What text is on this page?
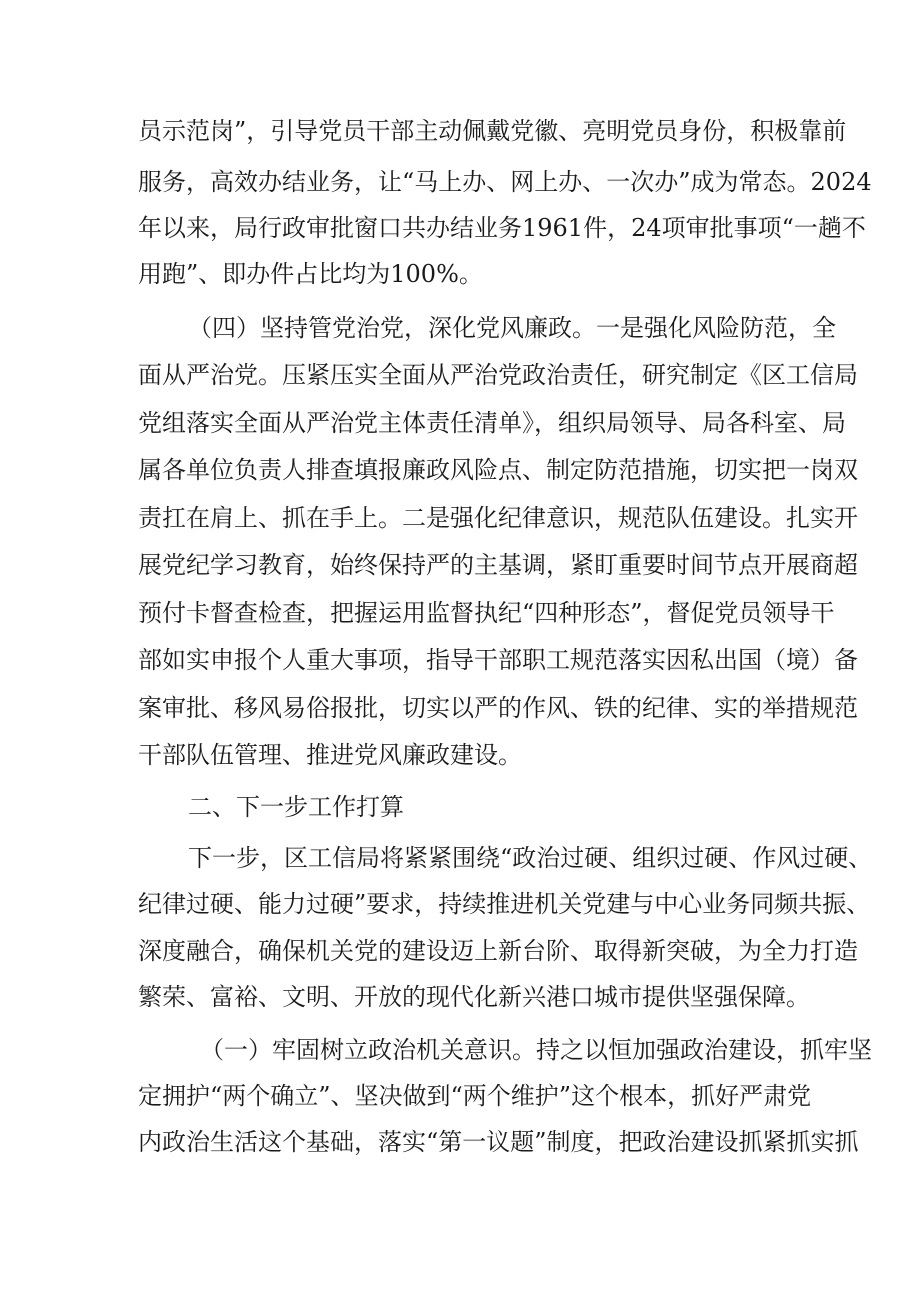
员示范岗”，引导党员干部主动佩戴党徽、亮明党员身份，积极靠前
服务，高效办结业务，让“马上办、网上办、一次办”成为常态。2024
年以来，局行政审批窗口共办结业务1961件，24项审批事项“一趟不
用跑”、即办件占比均为100%。
（四）坚持管党治党，深化党风廉政。一是强化风险防范，全
面从严治党。压紧压实全面从严治党政治责任，研究制定《区工信局
党组落实全面从严治党主体责任清单》，组织局领导、局各科室、局
属各单位负责人排查填报廉政风险点、制定防范措施，切实把一岗双
责扛在肩上、抓在手上。二是强化纪律意识，规范队伍建设。扎实开
展党纪学习教育，始终保持严的主基调，紧盯重要时间节点开展商超
预付卡督查检查，把握运用监督执纪“四种形态”，督促党员领导干
部如实申报个人重大事项，指导干部职工规范落实因私出国（境）备
案审批、移风易俗报批，切实以严的作风、铁的纪律、实的举措规范
干部队伍管理、推进党风廉政建设。
二、下一步工作打算
下一步，区工信局将紧紧围绕“政治过硬、组织过硬、作风过硬、
纪律过硬、能力过硬”要求，持续推进机关党建与中心业务同频共振、
深度融合，确保机关党的建设迈上新台阶、取得新突破，为全力打造
繁荣、富裕、文明、开放的现代化新兴港口城市提供坚强保障。
（一）牢固树立政治机关意识。持之以恒加强政治建设，抓牢坚
定拥护“两个确立”、坚决做到“两个维护”这个根本，抓好严肃党
内政治生活这个基础，落实“第一议题”制度，把政治建设抓紧抓实抓
